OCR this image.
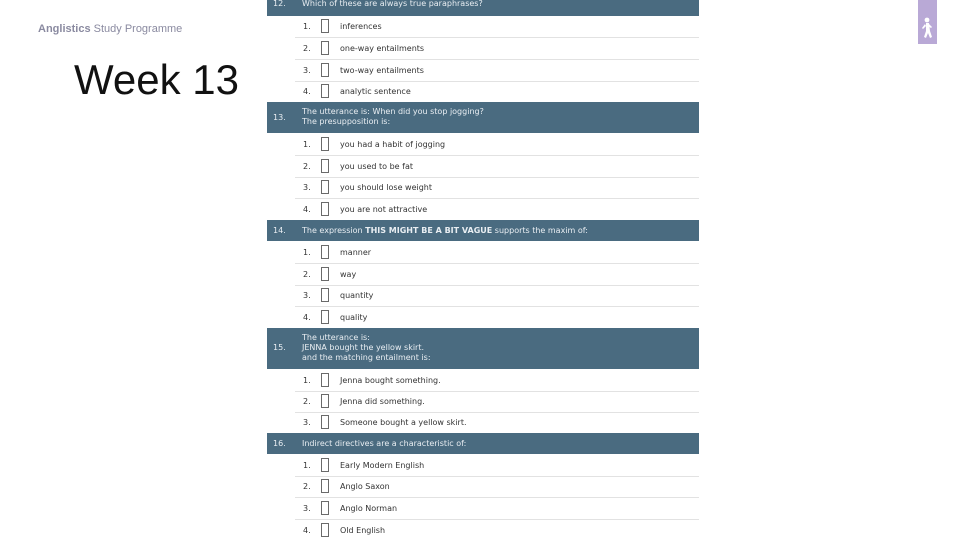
Anglistics Study Programme
Week 13
12. Which of these are always true paraphrases?
1.	inferences
2.	one-way entailments
3.	two-way entailments
4.	analytic sentence
13.
The utterance is: When did you stop jogging?
The presupposition is:
1.	you had a habit of jogging
2.	you used to be fat
3.	you should lose weight
4.	you are not attractive
14. The expression THIS MIGHT BE A BIT VAGUE supports the maxim of:
1.	manner
2.	way
3.	quantity
4.	quality
15.
The utterance is:
JENNA bought the yellow skirt.
and the matching entailment is:
1.	Jenna bought something.
2.	Jenna did something.
3.	Someone bought a yellow skirt.
16. Indirect directives are a characteristic of:
1.	Early Modern English
2.	Anglo Saxon
3.	Anglo Norman
4.	Old English
